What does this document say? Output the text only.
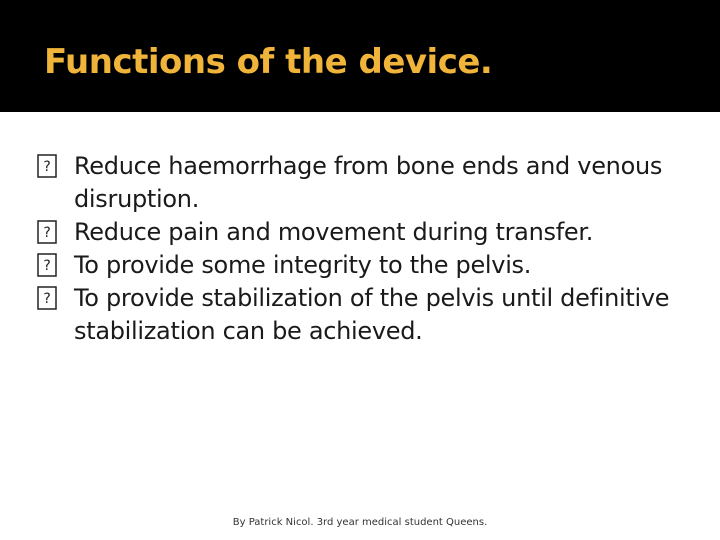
Functions of the device.
? Reduce haemorrhage from bone ends and venous disruption.
? Reduce pain and movement during transfer.
? To provide some integrity to the pelvis.
? To provide stabilization of the pelvis until definitive stabilization can be achieved.
By Patrick Nicol. 3rd year medical student Queens.
